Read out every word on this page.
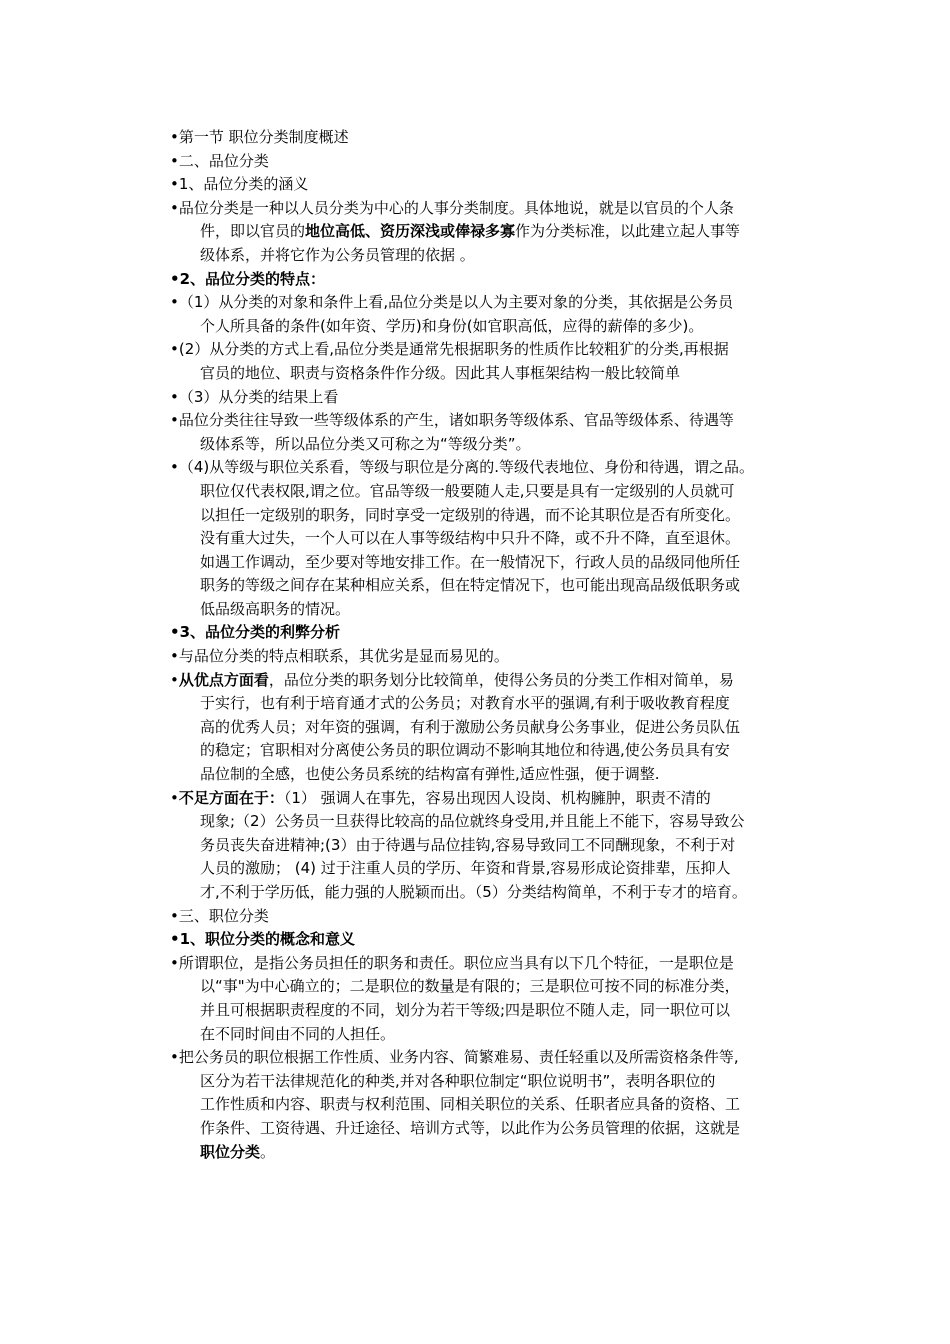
•第一节 职位分类制度概述
•二、品位分类
•1、品位分类的涵义
•品位分类是一种以人员分类为中心的人事分类制度。具体地说，就是以官员的个人条
件，即以官员的地位高低、资历深浅或俸禄多寡作为分类标准，以此建立起人事等
级体系，并将它作为公务员管理的依据 。
•2、品位分类的特点：
•（1）从分类的对象和条件上看,品位分类是以人为主要对象的分类，其依据是公务员
个人所具备的条件(如年资、学历)和身份(如官职高低，应得的薪俸的多少)。
•(2）从分类的方式上看,品位分类是通常先根据职务的性质作比较粗犷的分类,再根据
官员的地位、职责与资格条件作分级。因此其人事框架结构一般比较简单
•（3）从分类的结果上看
•品位分类往往导致一些等级体系的产生，诸如职务等级体系、官品等级体系、待遇等
级体系等，所以品位分类又可称之为“等级分类”。
•（4)从等级与职位关系看，等级与职位是分离的.等级代表地位、身份和待遇，谓之品。
职位仅代表权限,谓之位。官品等级一般要随人走,只要是具有一定级别的人员就可
以担任一定级别的职务，同时享受一定级别的待遇，而不论其职位是否有所变化。
没有重大过失，一个人可以在人事等级结构中只升不降，或不升不降，直至退休。
如遇工作调动，至少要对等地安排工作。在一般情况下，行政人员的品级同他所任
职务的等级之间存在某种相应关系，但在特定情况下，也可能出现高品级低职务或
低品级高职务的情况。
•3、品位分类的利弊分析
•与品位分类的特点相联系，其优劣是显而易见的。
•从优点方面看，品位分类的职务划分比较简单，使得公务员的分类工作相对简单，易
于实行，也有利于培育通才式的公务员；对教育水平的强调,有利于吸收教育程度
高的优秀人员；对年资的强调，有利于激励公务员献身公务事业，促进公务员队伍
的稳定；官职相对分离使公务员的职位调动不影响其地位和待遇,使公务员具有安
品位制的全感，也使公务员系统的结构富有弹性,适应性强，便于调整.
•不足方面在于：（1） 强调人在事先，容易出现因人设岗、机构臃肿，职责不清的
现象;（2）公务员一旦获得比较高的品位就终身受用,并且能上不能下，容易导致公
务员丧失奋进精神;(3）由于待遇与品位挂钩,容易导致同工不同酬现象，不利于对
人员的激励； (4) 过于注重人员的学历、年资和背景,容易形成论资排辈，压抑人
才,不利于学历低，能力强的人脱颖而出。（5）分类结构简单，不利于专才的培育。
•三、职位分类
•1、职位分类的概念和意义
•所谓职位，是指公务员担任的职务和责任。职位应当具有以下几个特征，一是职位是
以“事"为中心确立的；二是职位的数量是有限的；三是职位可按不同的标准分类，
并且可根据职责程度的不同，划分为若干等级;四是职位不随人走，同一职位可以
在不同时间由不同的人担任。
•把公务员的职位根据工作性质、业务内容、简繁难易、责任轻重以及所需资格条件等,
区分为若干法律规范化的种类,并对各种职位制定“职位说明书”，表明各职位的
工作性质和内容、职责与权利范围、同相关职位的关系、任职者应具备的资格、工
作条件、工资待遇、升迁途径、培训方式等，以此作为公务员管理的依据，这就是
职位分类。
